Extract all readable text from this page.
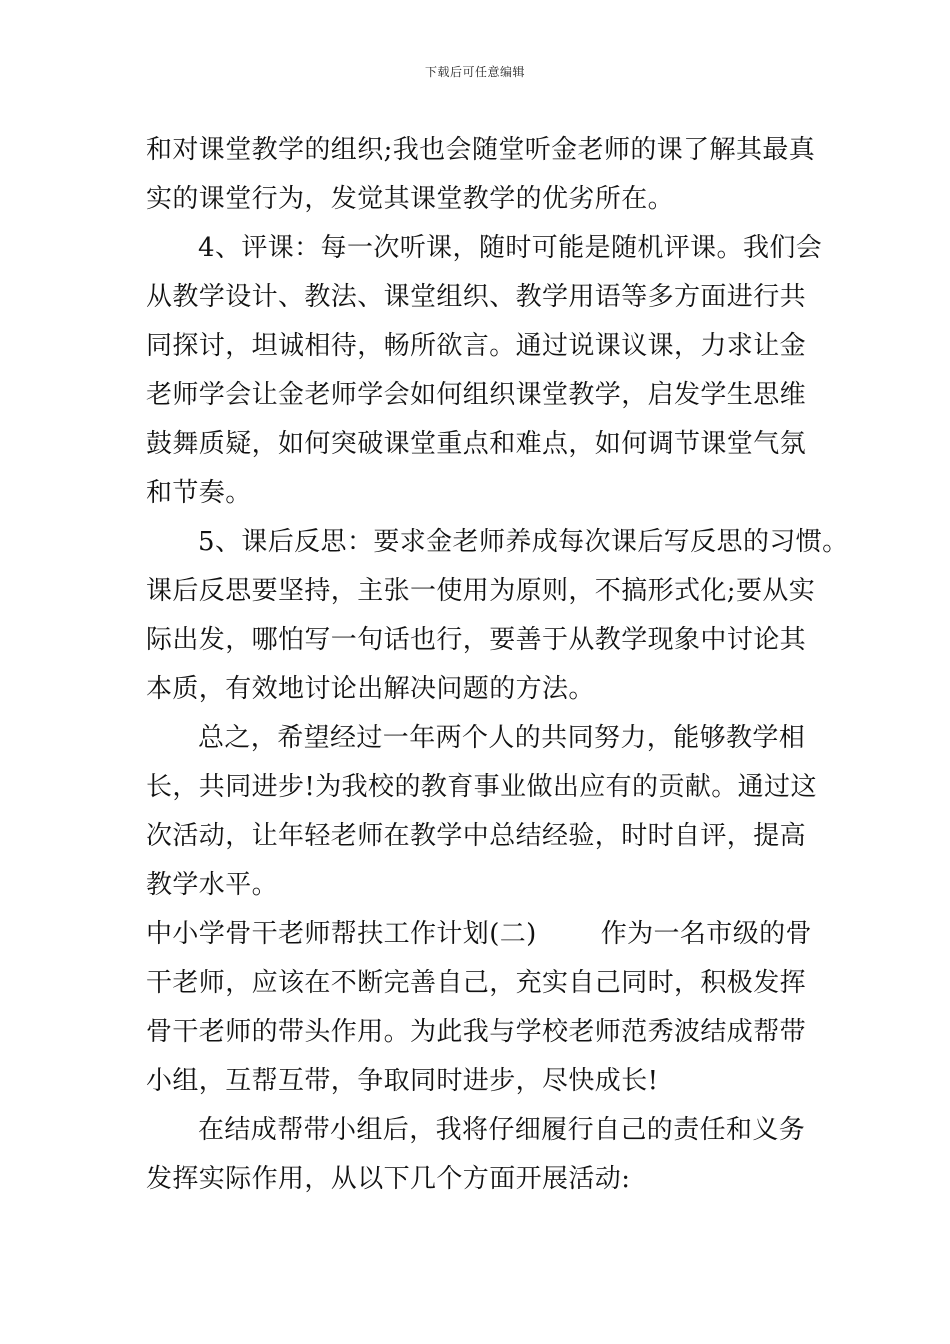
下载后可任意编辑
和对课堂教学的组织;我也会随堂听金老师的课了解其最真
实的课堂行为，发觉其课堂教学的优劣所在。
4、评课：每一次听课，随时可能是随机评课。我们会
从教学设计、教法、课堂组织、教学用语等多方面进行共
同探讨，坦诚相待，畅所欲言。通过说课议课，力求让金
老师学会让金老师学会如何组织课堂教学，启发学生思维
鼓舞质疑，如何突破课堂重点和难点，如何调节课堂气氛
和节奏。
5、课后反思：要求金老师养成每次课后写反思的习惯。
课后反思要坚持，主张一使用为原则，不搞形式化;要从实
际出发，哪怕写一句话也行，要善于从教学现象中讨论其
本质，有效地讨论出解决问题的方法。
总之，希望经过一年两个人的共同努力，能够教学相
长，共同进步!为我校的教育事业做出应有的贡献。通过这
次活动，让年轻老师在教学中总结经验，时时自评，提高
教学水平。
中小学骨干老师帮扶工作计划(二) 作为一名市级的骨
干老师，应该在不断完善自己，充实自己同时，积极发挥
骨干老师的带头作用。为此我与学校老师范秀波结成帮带
小组，互帮互带，争取同时进步，尽快成长!
在结成帮带小组后，我将仔细履行自己的责任和义务
发挥实际作用，从以下几个方面开展活动:
